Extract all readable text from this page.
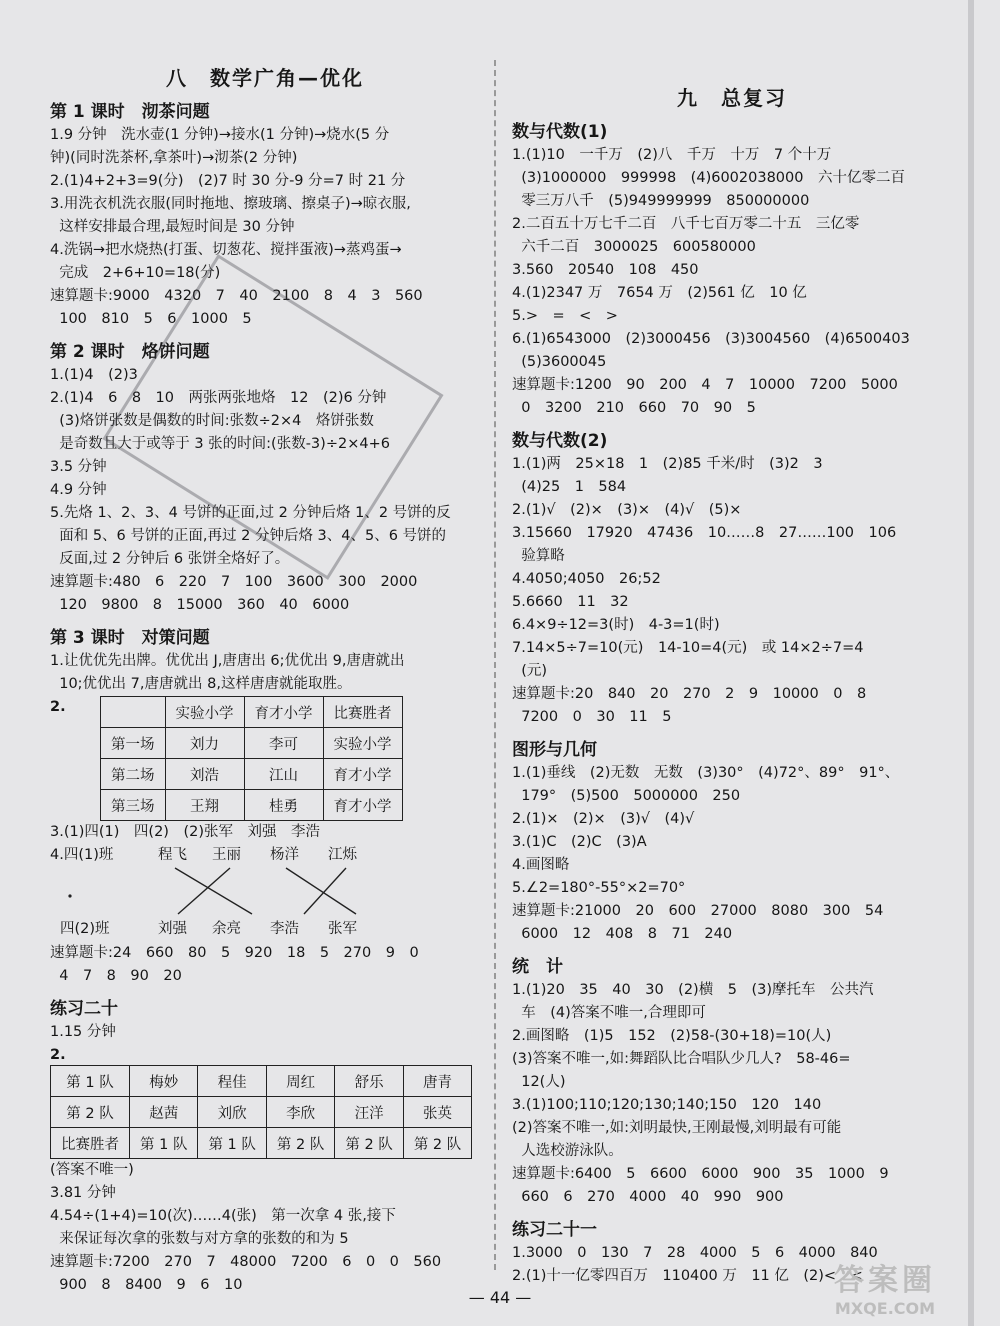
八　数学广角—优化
第 1 课时　沏茶问题
1.9 分钟　洗水壶(1 分钟)→接水(1 分钟)→烧水(5 分
钟)(同时洗茶杯,拿茶叶)→沏茶(2 分钟)
2.(1)4+2+3=9(分)　(2)7 时 30 分-9 分=7 时 21 分
3.用洗衣机洗衣服(同时拖地、擦玻璃、擦桌子)→晾衣服,
这样安排最合理,最短时间是 30 分钟
4.洗锅→把水烧热(打蛋、切葱花、搅拌蛋液)→蒸鸡蛋→
完成　2+6+10=18(分)
速算题卡:9000　4320　7　40　2100　8　4　3　560
100　810　5　6　1000　5
第 2 课时　烙饼问题
1.(1)4　(2)3
2.(1)4　6　8　10　两张两张地烙　12　(2)6 分钟
(3)烙饼张数是偶数的时间:张数÷2×4　烙饼张数
是奇数且大于或等于 3 张的时间:(张数-3)÷2×4+6
3.5 分钟
4.9 分钟
5.先烙 1、2、3、4 号饼的正面,过 2 分钟后烙 1、2 号饼的反
面和 5、6 号饼的正面,再过 2 分钟后烙 3、4、5、6 号饼的
反面,过 2 分钟后 6 张饼全烙好了。
速算题卡:480　6　220　7　100　3600　300　2000
120　9800　8　15000　360　40　6000
第 3 课时　对策问题
1.让优优先出牌。优优出 J,唐唐出 6;优优出 9,唐唐就出
10;优优出 7,唐唐就出 8,这样唐唐就能取胜。
2.
		实验小学	育才小学	比赛胜者
第一场	刘力	李可	实验小学
第二场	刘浩	江山	育才小学
第三场	王翔	桂勇	育才小学
3.(1)四(1)　四(2)　(2)张军　刘强　李浩
4.四(1)班	程飞 王丽 杨洋 江烁
四(2)班	刘强 余亮 李浩 张军
速算题卡:24　660　80　5　920　18　5　270　9　0
4　7　8　90　20
练习二十
1.15 分钟
2.
第 1 队	梅妙	程佳	周红	舒乐	唐青
第 2 队	赵茜	刘欣	李欣	汪洋	张英
比赛胜者	第 1 队	第 1 队	第 2 队	第 2 队	第 2 队
(答案不唯一)
3.81 分钟
4.54÷(1+4)=10(次)……4(张)　第一次拿 4 张,接下
来保证每次拿的张数与对方拿的张数的和为 5
速算题卡:7200　270　7　48000　7200　6　0　0　560
900　8　8400　9　6　10
九　总复习
数与代数(1)
1.(1)10　一千万　(2)八　千万　十万　7 个十万
(3)1000000　999998　(4)6002038000　六十亿零二百
零三万八千　(5)949999999　850000000
2.二百五十万七千二百　八千七百万零二十五　三亿零
六千二百　3000025　600580000
3.560　20540　108　450
4.(1)2347 万　7654 万　(2)561 亿　10 亿
5.>　=　<　>
6.(1)6543000　(2)3000456　(3)3004560　(4)6500403
(5)3600045
速算题卡:1200　90　200　4　7　10000　7200　5000
0　3200　210　660　70　90　5
数与代数(2)
1.(1)两　25×18　1　(2)85 千米/时　(3)2　3
(4)25　1　584
2.(1)√　(2)×　(3)×　(4)√　(5)×
3.15660　17920　47436　10……8　27……100　106
验算略
4.4050;4050　26;52
5.6660　11　32
6.4×9÷12=3(时)　4-3=1(时)
7.14×5÷7=10(元)　14-10=4(元)　或 14×2÷7=4
(元)
速算题卡:20　840　20　270　2　9　10000　0　8
7200　0　30　11　5
图形与几何
1.(1)垂线　(2)无数　无数　(3)30°　(4)72°、89°　91°、
179°　(5)500　5000000　250
2.(1)×　(2)×　(3)√　(4)√
3.(1)C　(2)C　(3)A
4.画图略
5.∠2=180°-55°×2=70°
速算题卡:21000　20　600　27000　8080　300　54
6000　12　408　8　71　240
统　计
1.(1)20　35　40　30　(2)横　5　(3)摩托车　公共汽
车　(4)答案不唯一,合理即可
2.画图略　(1)5　152　(2)58-(30+18)=10(人)
(3)答案不唯一,如:舞蹈队比合唱队少几人?　58-46=
12(人)
3.(1)100;110;120;130;140;150　120　140
(2)答案不唯一,如:刘明最快,王刚最慢,刘明最有可能
人选校游泳队。
速算题卡:6400　5　6600　6000　900　35　1000　9
660　6　270　4000　40　990　900
练习二十一
1.3000　0　130　7　28　4000　5　6　4000　840
2.(1)十一亿零四百万　110400 万　11 亿　(2)<　<
— 44 —	答案圈
MXQE.COM
